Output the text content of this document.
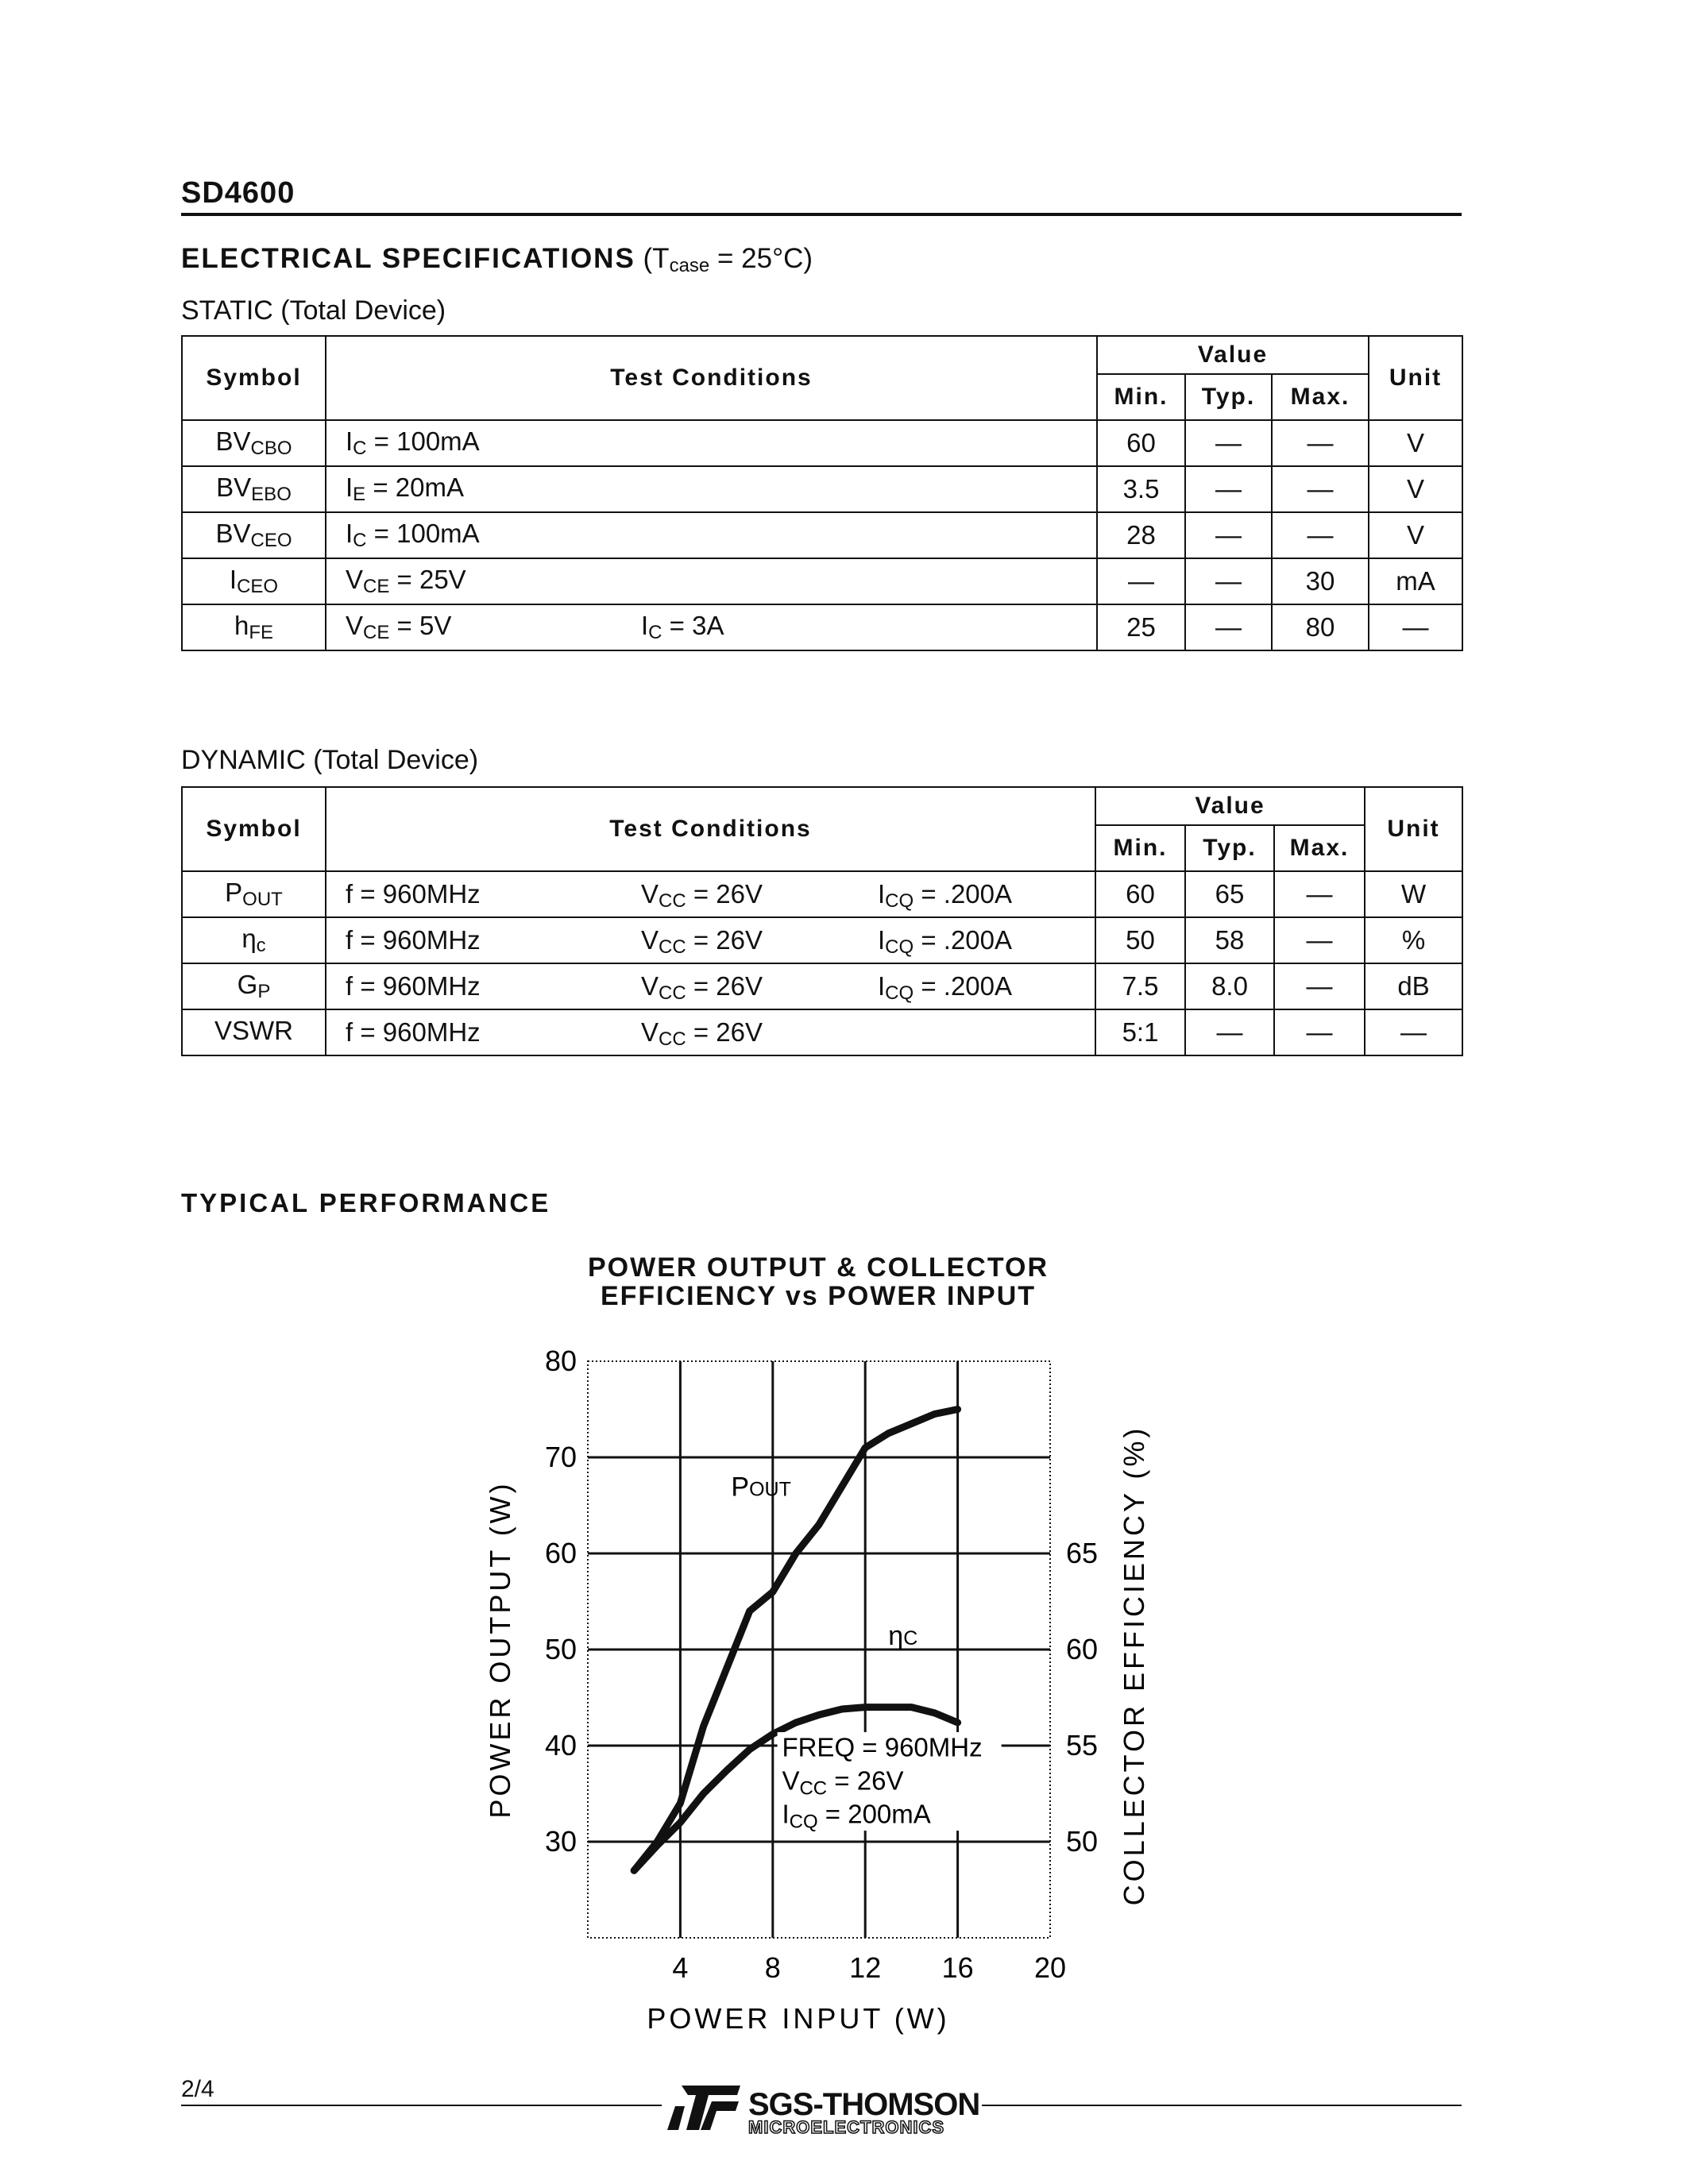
SD4600
ELECTRICAL SPECIFICATIONS $(T_{case} = 25^\circ C)$
STATIC (Total Device)
Symbol	Test Conditions	Value			Unit
		Min.	Typ.	Max.	
$BV_{CBO}$	$I_C = 100mA$	60	—	—	V
$BV_{EBO}$	$I_E = 20mA$	3.5	—	—	V
$BV_{CEO}$	$I_C = 100mA$	28	—	—	V
$I_{CEO}$	$V_{CE} = 25V$	—	—	30	mA
$h_{FE}$	$V_{CE} = 5V$ $I_C = 3A$	25	—	80	—
DYNAMIC (Total Device)
Symbol	Test Conditions	Value			Unit
		Min.	Typ.	Max.	
$P_{OUT}$	f = 960MHz $V_{CC} = 26V$ $I_{CQ} = .200A$	60	65	—	W
$\eta_c$	f = 960MHz $V_{CC} = 26V$ $I_{CQ} = .200A$	50	58	—	%
$G_P$	f = 960MHz $V_{CC} = 26V$ $I_{CQ} = .200A$	7.5	8.0	—	dB
VSWR	f = 960MHz $V_{CC} = 26V$	5:1	—	—	—
TYPICAL PERFORMANCE
POWER OUTPUT & COLLECTOR
EFFICIENCY vs POWER INPUT
4	8 12 16 20
30
40
50
60
70
80
50
55
60
65
POWER INPUT (W)
POWER OUTPUT (W)	COLLECTOR EFFICIENCY (%)
POUT
ηC
FREQ = 960MHz
VCC = 26V
ICQ = 200mA
2/4	SGS-THOMSON
MICROELECTRONICS
